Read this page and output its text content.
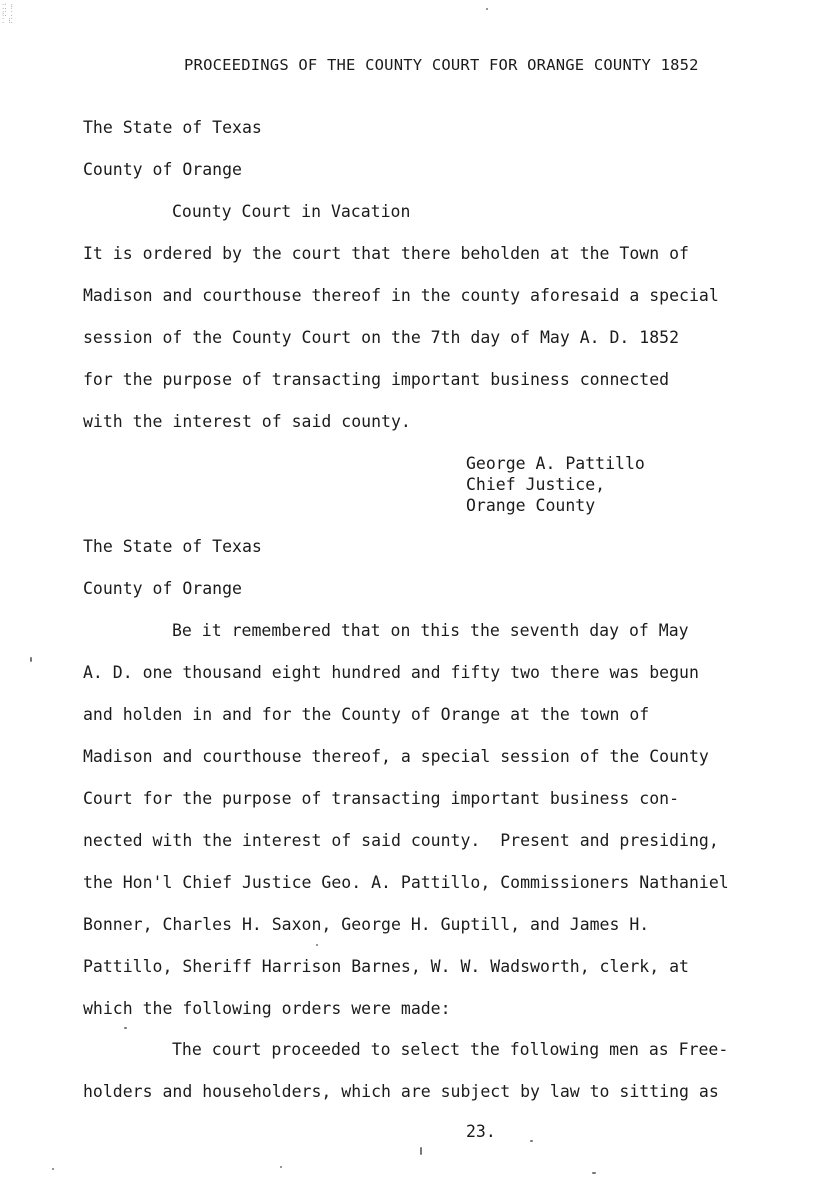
⁚⁚ ⁝
⁝⁚ ⁚
⁚ ⁝⁚
PROCEEDINGS OF THE COUNTY COURT FOR ORANGE COUNTY 1852
The State of Texas
County of Orange
County Court in Vacation
It is ordered by the court that there beholden at the Town of
Madison and courthouse thereof in the county aforesaid a special
session of the County Court on the 7th day of May A. D. 1852
for the purpose of transacting important business connected
with the interest of said county.
George A. Pattillo
Chief Justice,
Orange County
The State of Texas
County of Orange
Be it remembered that on this the seventh day of May
A. D. one thousand eight hundred and fifty two there was begun
and holden in and for the County of Orange at the town of
Madison and courthouse thereof, a special session of the County
Court for the purpose of transacting important business con-
nected with the interest of said county.  Present and presiding,
the Hon'l Chief Justice Geo. A. Pattillo, Commissioners Nathaniel
Bonner, Charles H. Saxon, George H. Guptill, and James H.
Pattillo, Sheriff Harrison Barnes, W. W. Wadsworth, clerk, at
which the following orders were made:
The court proceeded to select the following men as Free-
holders and householders, which are subject by law to sitting as
23.
